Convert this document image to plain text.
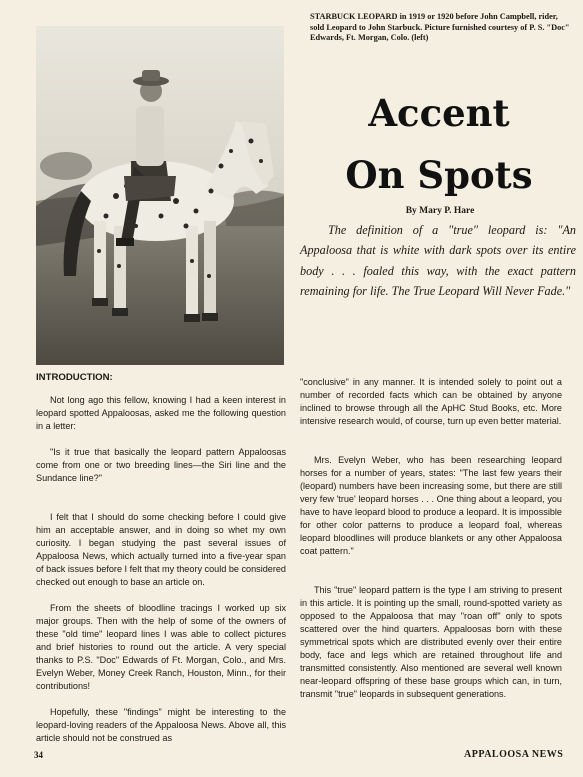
STARBUCK LEOPARD in 1919 or 1920 before John Campbell, rider, sold Leopard to John Starbuck. Picture furnished courtesy of P. S. "Doc" Edwards, Ft. Morgan, Colo. (left)

Accent
On Spots

By Mary P. Hare

The definition of a "true" leopard is: "An Appaloosa that is white with dark spots over its entire body . . . foaled this way, with the exact pattern remaining for life. The True Leopard Will Never Fade."

INTRODUCTION:

Not long ago this fellow, knowing I had a keen interest in leopard spotted Appaloosas, asked me the following question in a letter:

"Is it true that basically the leopard pattern Appaloosas come from one or two breeding lines—the Siri line and the Sundance line?"

I felt that I should do some checking before I could give him an acceptable answer, and in doing so whet my own curiosity. I began studying the past several issues of Appaloosa News, which actually turned into a five-year span of back issues before I felt that my theory could be considered checked out enough to base an article on.

From the sheets of bloodline tracings I worked up six major groups. Then with the help of some of the owners of these "old time" leopard lines I was able to collect pictures and brief histories to round out the article. A very special thanks to P.S. "Doc" Edwards of Ft. Morgan, Colo., and Mrs. Evelyn Weber, Money Creek Ranch, Houston, Minn., for their contributions!

Hopefully, these "findings" might be interesting to the leopard-loving readers of the Appaloosa News. Above all, this article should not be construed as

"conclusive" in any manner. It is intended solely to point out a number of recorded facts which can be obtained by anyone inclined to browse through all the ApHC Stud Books, etc. More intensive research would, of course, turn up even better material.

Mrs. Evelyn Weber, who has been researching leopard horses for a number of years, states: "The last few years their (leopard) numbers have been increasing some, but there are still very few 'true' leopard horses . . . One thing about a leopard, you have to have leopard blood to produce a leopard. It is impossible for other color patterns to produce a leopard foal, whereas leopard bloodlines will produce blankets or any other Appaloosa coat pattern."

This "true" leopard pattern is the type I am striving to present in this article. It is pointing up the small, round-spotted variety as opposed to the Appaloosa that may "roan off" only to spots scattered over the hind quarters. Appaloosas born with these symmetrical spots which are distributed evenly over their entire body, face and legs which are retained throughout life and transmitted consistently. Also mentioned are several well known near-leopard offspring of these base groups which can, in turn, transmit "true" leopards in subsequent generations.

34	APPALOOSA NEWS
